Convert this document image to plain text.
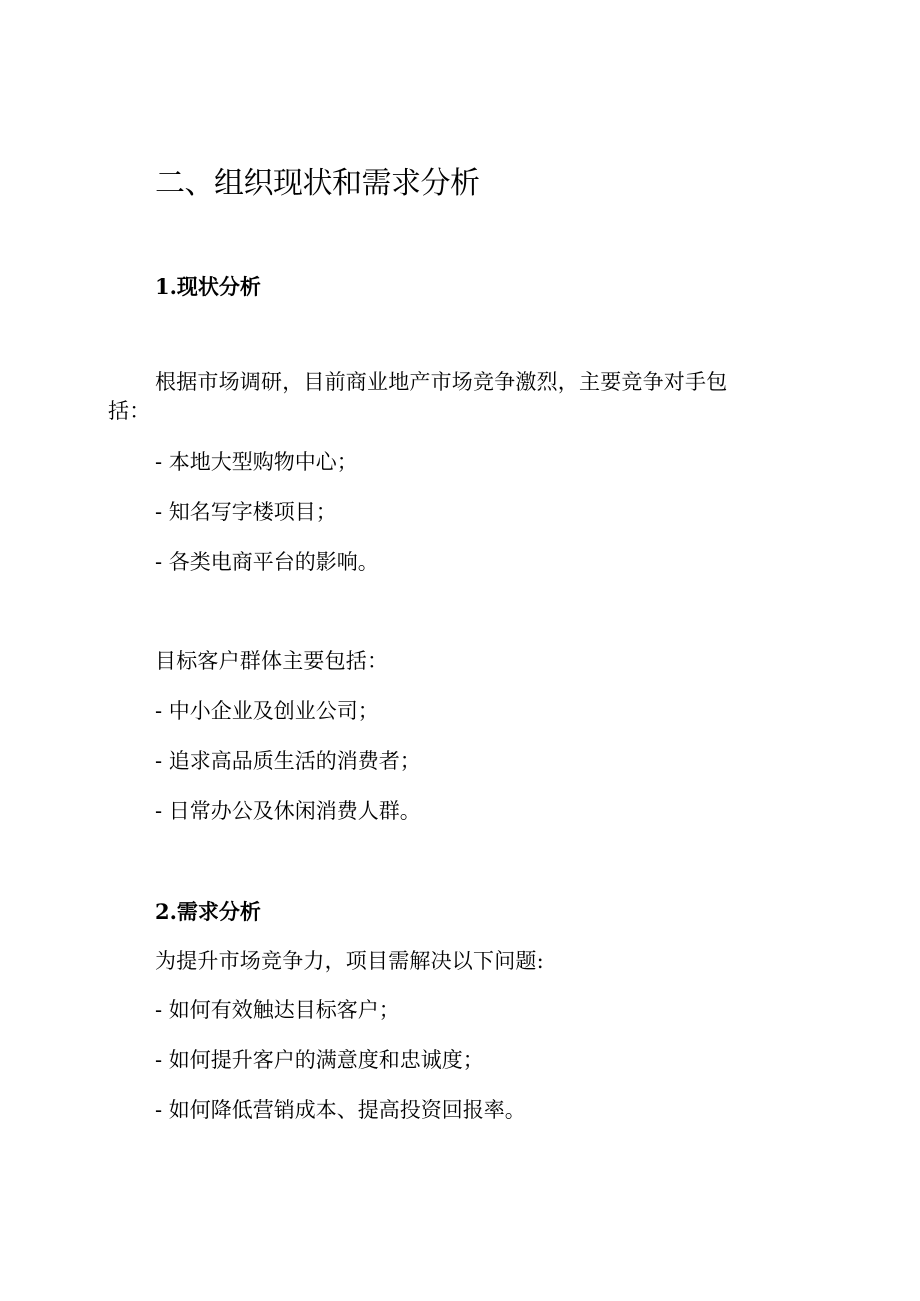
二、组织现状和需求分析
1.现状分析
根据市场调研，目前商业地产市场竞争激烈，主要竞争对手包
括：
- 本地大型购物中心；
- 知名写字楼项目；
- 各类电商平台的影响。
目标客户群体主要包括：
- 中小企业及创业公司；
- 追求高品质生活的消费者；
- 日常办公及休闲消费人群。
2.需求分析
为提升市场竞争力，项目需解决以下问题:
- 如何有效触达目标客户；
- 如何提升客户的满意度和忠诚度；
- 如何降低营销成本、提高投资回报率。
